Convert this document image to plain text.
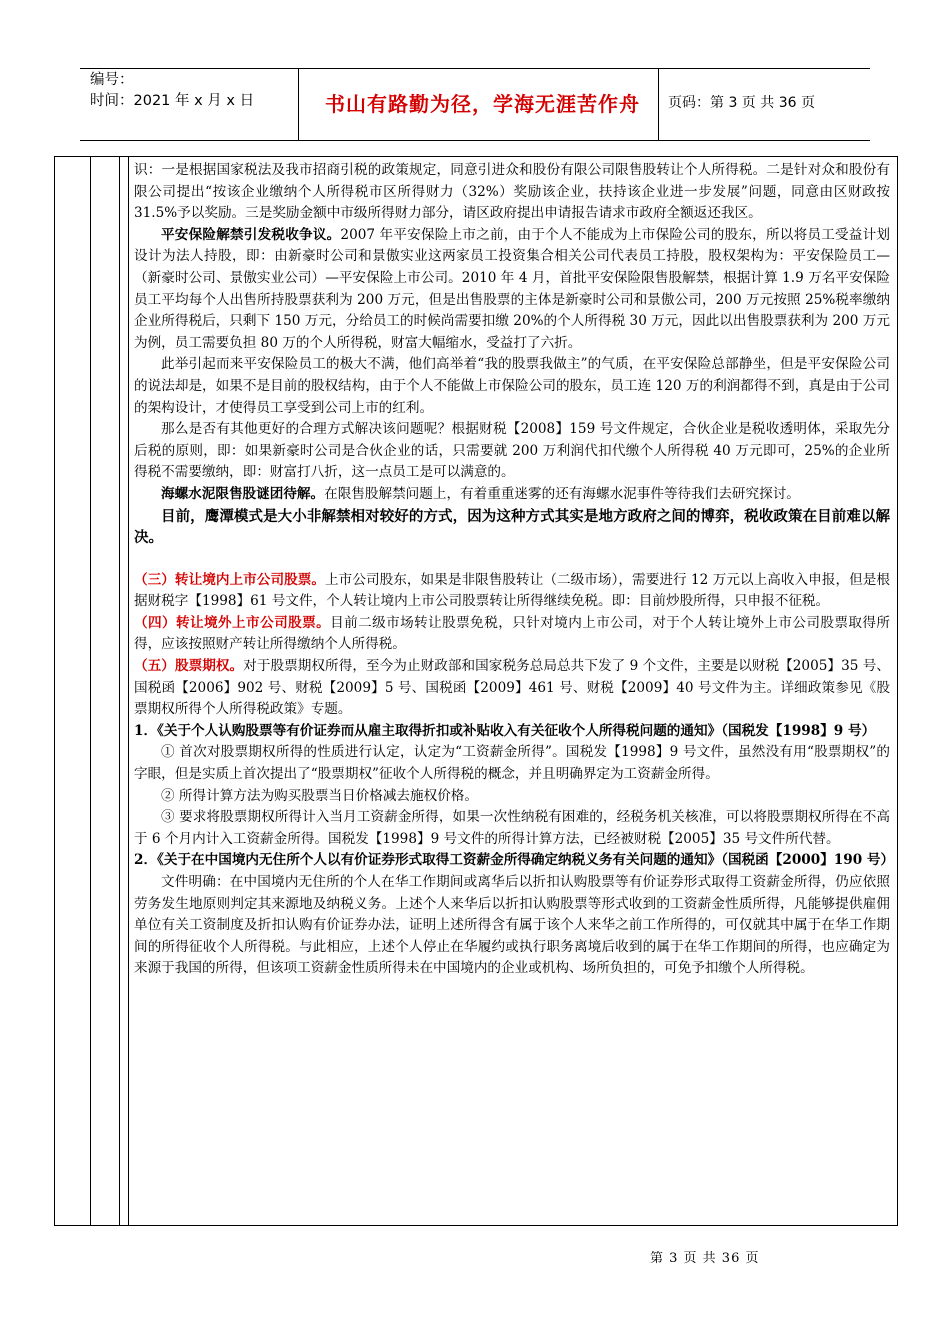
编号：
时间：2021 年 x 月 x 日	书山有路勤为径，学海无涯苦作舟	页码：第 3 页 共 36 页

识：一是根据国家税法及我市招商引税的政策规定，同意引进众和股份有限公司限售股转让个人所得税。二是针对众和股份有限公司提出“按该企业缴纳个人所得税市区所得财力（32%）奖励该企业，扶持该企业进一步发展”问题，同意由区财政按 31.5%予以奖励。三是奖励金额中市级所得财力部分，请区政府提出申请报告请求市政府全额返还我区。

平安保险解禁引发税收争议。2007 年平安保险上市之前，由于个人不能成为上市保险公司的股东，所以将员工受益计划设计为法人持股，即：由新豪时公司和景傲实业这两家员工投资集合相关公司代表员工持股，股权架构为：平安保险员工—（新豪时公司、景傲实业公司）—平安保险上市公司。2010 年 4 月，首批平安保险限售股解禁，根据计算 1.9 万名平安保险员工平均每个人出售所持股票获利为 200 万元，但是出售股票的主体是新豪时公司和景傲公司，200 万元按照 25%税率缴纳企业所得税后，只剩下 150 万元，分给员工的时候尚需要扣缴 20%的个人所得税 30 万元，因此以出售股票获利为 200 万元为例，员工需要负担 80 万的个人所得税，财富大幅缩水，受益打了六折。

此举引起而来平安保险员工的极大不满，他们高举着“我的股票我做主”的气质，在平安保险总部静坐，但是平安保险公司的说法却是，如果不是目前的股权结构，由于个人不能做上市保险公司的股东，员工连 120 万的利润都得不到，真是由于公司的架构设计，才使得员工享受到公司上市的红利。

那么是否有其他更好的合理方式解决该问题呢？根据财税【2008】159 号文件规定，合伙企业是税收透明体，采取先分后税的原则，即：如果新豪时公司是合伙企业的话，只需要就 200 万利润代扣代缴个人所得税 40 万元即可，25%的企业所得税不需要缴纳，即：财富打八折，这一点员工是可以满意的。

海螺水泥限售股谜团待解。在限售股解禁问题上，有着重重迷雾的还有海螺水泥事件等待我们去研究探讨。

目前，鹰潭模式是大小非解禁相对较好的方式，因为这种方式其实是地方政府之间的博弈，税收政策在目前难以解决。

（三）转让境内上市公司股票。上市公司股东，如果是非限售股转让（二级市场），需要进行 12 万元以上高收入申报，但是根据财税字【1998】61 号文件，个人转让境内上市公司股票转让所得继续免税。即：目前炒股所得，只申报不征税。

（四）转让境外上市公司股票。目前二级市场转让股票免税，只针对境内上市公司，对于个人转让境外上市公司股票取得所得，应该按照财产转让所得缴纳个人所得税。

（五）股票期权。对于股票期权所得，至今为止财政部和国家税务总局总共下发了 9 个文件，主要是以财税【2005】35 号、国税函【2006】902 号、财税【2009】5 号、国税函【2009】461 号、财税【2009】40 号文件为主。详细政策参见《股票期权所得个人所得税政策》专题。

1．《关于个人认购股票等有价证券而从雇主取得折扣或补贴收入有关征收个人所得税问题的通知》（国税发【1998】9 号）

① 首次对股票期权所得的性质进行认定，认定为“工资薪金所得”。国税发【1998】9 号文件，虽然没有用“股票期权”的字眼，但是实质上首次提出了“股票期权”征收个人所得税的概念，并且明确界定为工资薪金所得。

② 所得计算方法为购买股票当日价格减去施权价格。

③ 要求将股票期权所得计入当月工资薪金所得，如果一次性纳税有困难的，经税务机关核准，可以将股票期权所得在不高于 6 个月内计入工资薪金所得。国税发【1998】9 号文件的所得计算方法，已经被财税【2005】35 号文件所代替。

2．《关于在中国境内无住所个人以有价证券形式取得工资薪金所得确定纳税义务有关问题的通知》（国税函【2000】190 号）

文件明确：在中国境内无住所的个人在华工作期间或离华后以折扣认购股票等有价证券形式取得工资薪金所得，仍应依照劳务发生地原则判定其来源地及纳税义务。上述个人来华后以折扣认购股票等形式收到的工资薪金性质所得，凡能够提供雇佣单位有关工资制度及折扣认购有价证券办法，证明上述所得含有属于该个人来华之前工作所得的，可仅就其中属于在华工作期间的所得征收个人所得税。与此相应，上述个人停止在华履约或执行职务离境后收到的属于在华工作期间的所得，也应确定为来源于我国的所得，但该项工资薪金性质所得未在中国境内的企业或机构、场所负担的，可免予扣缴个人所得税。

第 3 页 共 36 页
